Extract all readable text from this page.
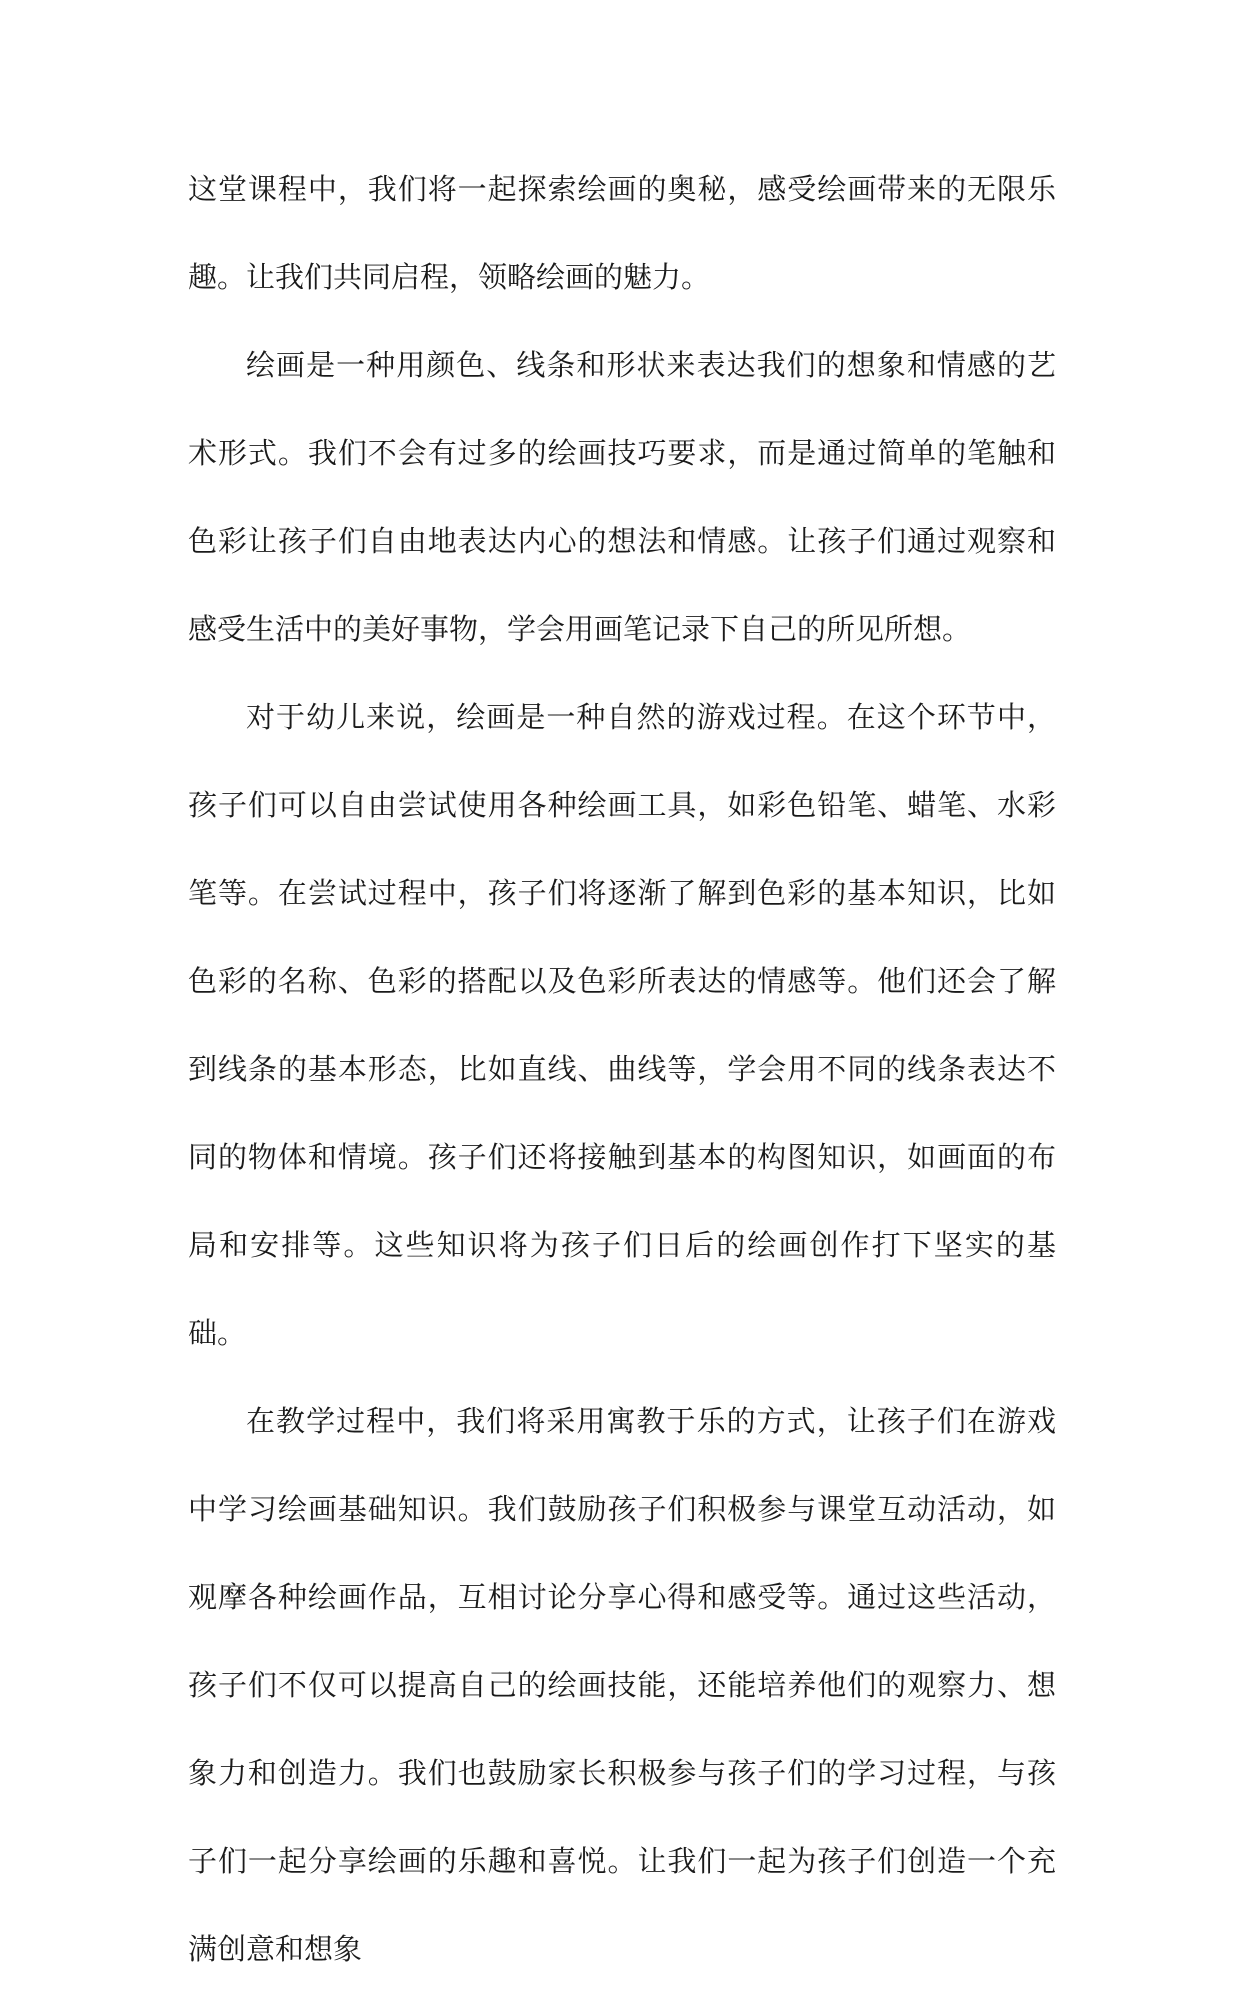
这堂课程中，我们将一起探索绘画的奥秘，感受绘画带来的无限乐趣。让我们共同启程，领略绘画的魅力。

绘画是一种用颜色、线条和形状来表达我们的想象和情感的艺术形式。我们不会有过多的绘画技巧要求，而是通过简单的笔触和色彩让孩子们自由地表达内心的想法和情感。让孩子们通过观察和感受生活中的美好事物，学会用画笔记录下自己的所见所想。

对于幼儿来说，绘画是一种自然的游戏过程。在这个环节中，孩子们可以自由尝试使用各种绘画工具，如彩色铅笔、蜡笔、水彩笔等。在尝试过程中，孩子们将逐渐了解到色彩的基本知识，比如色彩的名称、色彩的搭配以及色彩所表达的情感等。他们还会了解到线条的基本形态，比如直线、曲线等，学会用不同的线条表达不同的物体和情境。孩子们还将接触到基本的构图知识，如画面的布局和安排等。这些知识将为孩子们日后的绘画创作打下坚实的基础。

在教学过程中，我们将采用寓教于乐的方式，让孩子们在游戏中学习绘画基础知识。我们鼓励孩子们积极参与课堂互动活动，如观摩各种绘画作品，互相讨论分享心得和感受等。通过这些活动，孩子们不仅可以提高自己的绘画技能，还能培养他们的观察力、想象力和创造力。我们也鼓励家长积极参与孩子们的学习过程，与孩子们一起分享绘画的乐趣和喜悦。让我们一起为孩子们创造一个充满创意和想象
